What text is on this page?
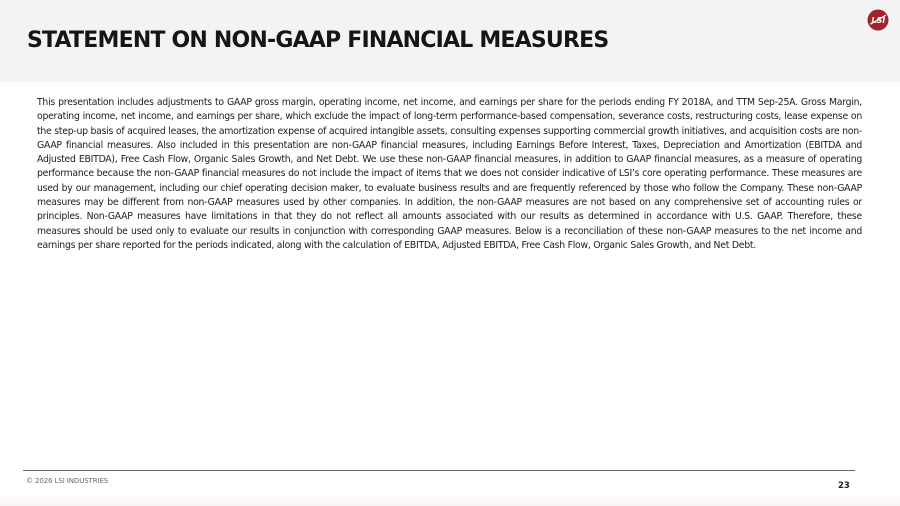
STATEMENT ON NON-GAAP FINANCIAL MEASURES
LSI

This presentation includes adjustments to GAAP gross margin, operating income, net income, and earnings per share for the periods ending FY 2018A, and TTM Sep-25A. Gross Margin, operating income, net income, and earnings per share, which exclude the impact of long-term performance-based compensation, severance costs, restructuring costs, lease expense on the step-up basis of acquired leases, the amortization expense of acquired intangible assets, consulting expenses supporting commercial growth initiatives, and acquisition costs are non-GAAP financial measures. Also included in this presentation are non-GAAP financial measures, including Earnings Before Interest, Taxes, Depreciation and Amortization (EBITDA and Adjusted EBITDA), Free Cash Flow, Organic Sales Growth, and Net Debt. We use these non-GAAP financial measures, in addition to GAAP financial measures, as a measure of operating performance because the non-GAAP financial measures do not include the impact of items that we does not consider indicative of LSI’s core operating performance. These measures are used by our management, including our chief operating decision maker, to evaluate business results and are frequently referenced by those who follow the Company. These non-GAAP measures may be different from non-GAAP measures used by other companies. In addition, the non-GAAP measures are not based on any comprehensive set of accounting rules or principles. Non-GAAP measures have limitations in that they do not reflect all amounts associated with our results as determined in accordance with U.S. GAAP. Therefore, these measures should be used only to evaluate our results in conjunction with corresponding GAAP measures. Below is a reconciliation of these non-GAAP measures to the net income and earnings per share reported for the periods indicated, along with the calculation of EBITDA, Adjusted EBITDA, Free Cash Flow, Organic Sales Growth, and Net Debt.

© 2026 LSI INDUSTRIES	23
